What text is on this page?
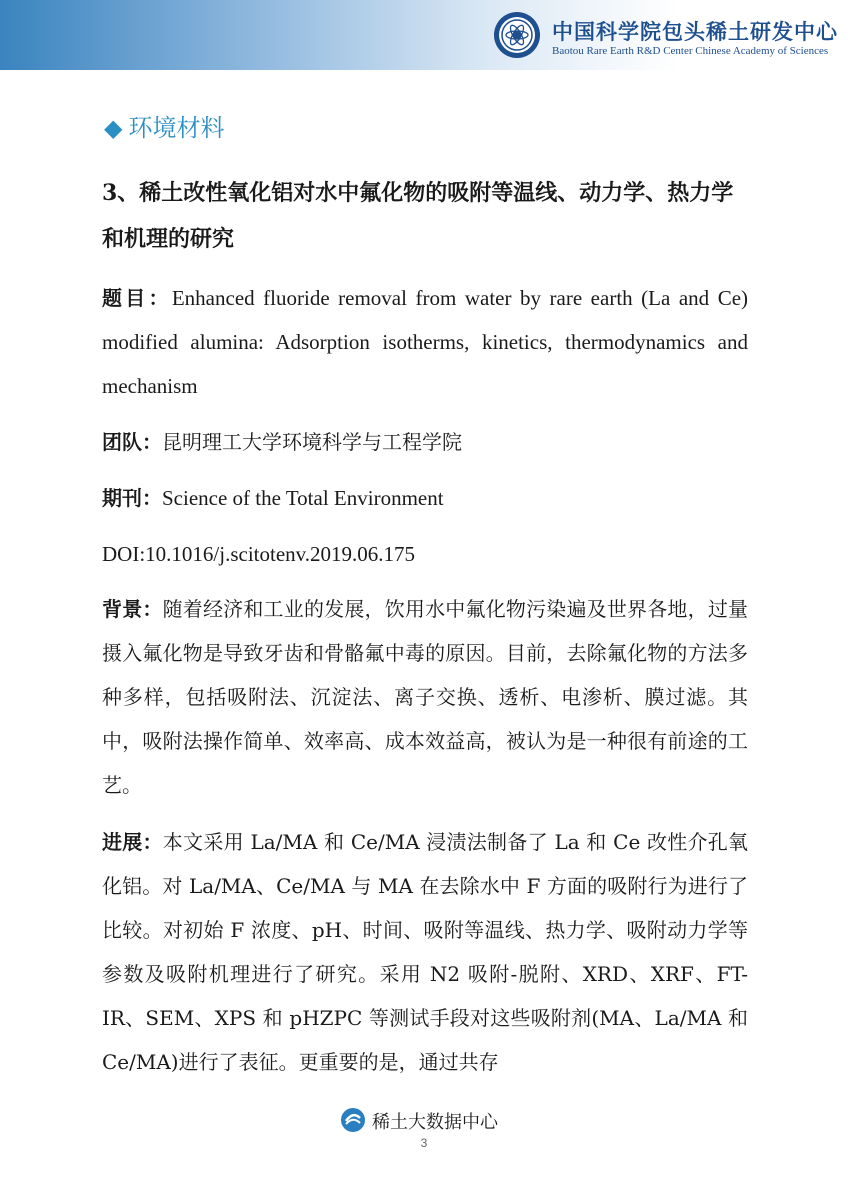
中国科学院包头稀土研发中心
Baotou Rare Earth R&D Center Chinese Academy of Sciences
◆ 环境材料

3、稀土改性氧化铝对水中氟化物的吸附等温线、动力学、热力学和机理的研究

题目：Enhanced fluoride removal from water by rare earth (La and Ce) modified alumina: Adsorption isotherms, kinetics, thermodynamics and mechanism

团队：昆明理工大学环境科学与工程学院

期刊：Science of the Total Environment

DOI:10.1016/j.scitotenv.2019.06.175

背景：随着经济和工业的发展，饮用水中氟化物污染遍及世界各地，过量摄入氟化物是导致牙齿和骨骼氟中毒的原因。目前，去除氟化物的方法多种多样，包括吸附法、沉淀法、离子交换、透析、电渗析、膜过滤。其中，吸附法操作简单、效率高、成本效益高，被认为是一种很有前途的工艺。

进展：本文采用 La/MA 和 Ce/MA 浸渍法制备了 La 和 Ce 改性介孔氧化铝。对 La/MA、Ce/MA 与 MA 在去除水中 F 方面的吸附行为进行了比较。对初始 F 浓度、pH、时间、吸附等温线、热力学、吸附动力学等参数及吸附机理进行了研究。采用 N2 吸附-脱附、XRD、XRF、FT-IR、SEM、XPS 和 pHZPC 等测试手段对这些吸附剂(MA、La/MA 和 Ce/MA)进行了表征。更重要的是，通过共存

稀土大数据中心
3
